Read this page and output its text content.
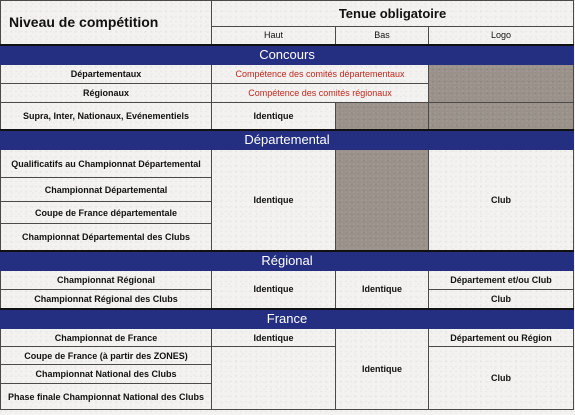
Niveau de compétition	Tenue obligatoire		
	Haut	Bas	Logo
Concours			
Départementaux	Compétence des comités départementaux		
Régionaux	Compétence des comités régionaux		
Supra, Inter, Nationaux, Evénementiels	Identique		
Départemental			
Qualificatifs au Championnat Départemental	Identique		Club
Championnat Départemental			
Coupe de France départementale			
Championnat Départemental des Clubs			
Régional			
Championnat Régional	Identique	Identique	Département et/ou Club
Championnat Régional des Clubs			Club
France			
Championnat de France	Identique	Identique	Département ou Région
Coupe de France (à partir des ZONES)			Club
Championnat National des Clubs			
Phase finale Championnat National des Clubs			
